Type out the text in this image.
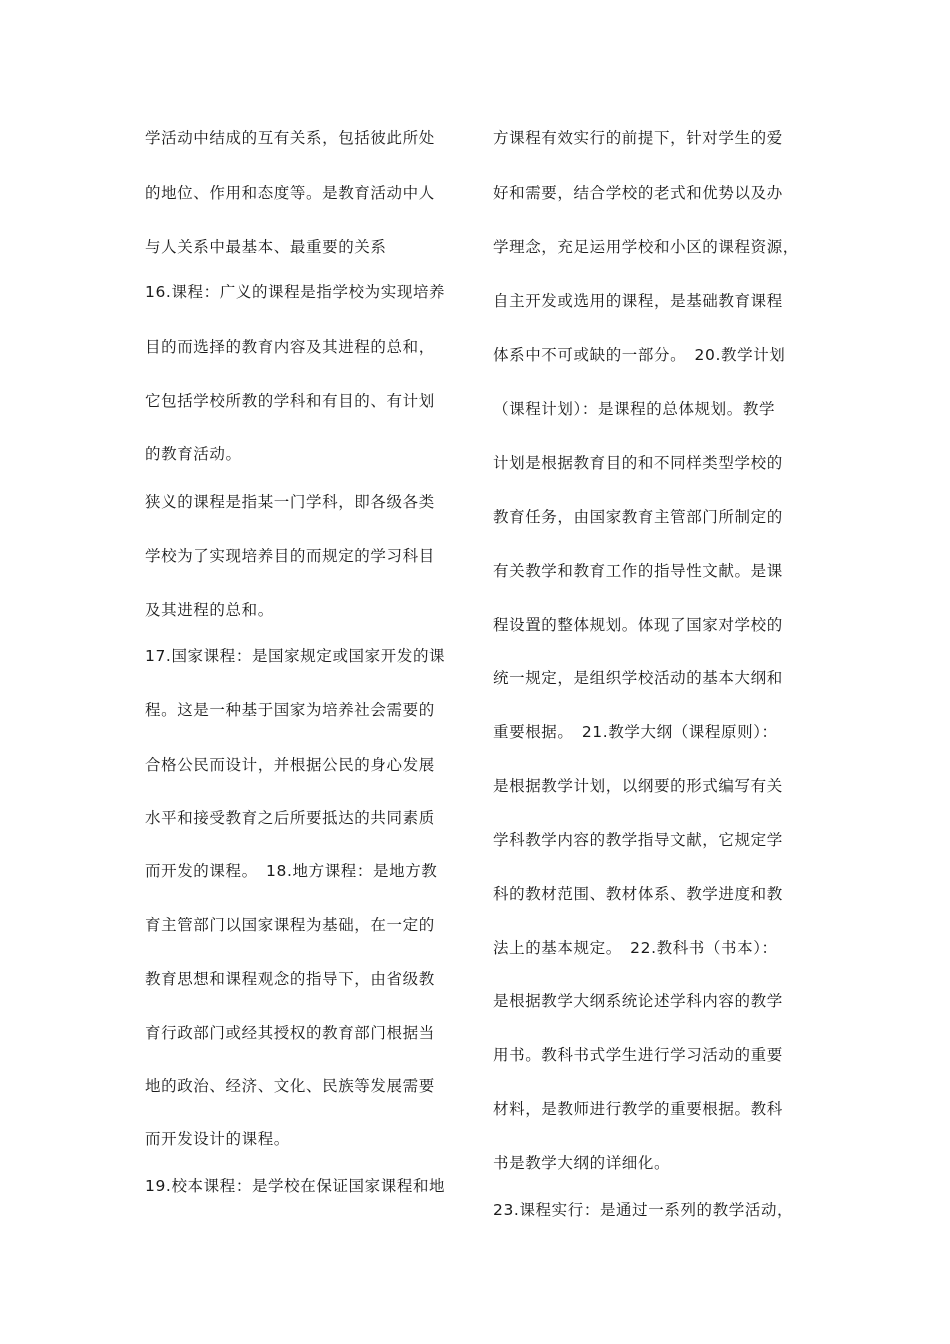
学活动中结成的互有关系，包括彼此所处
的地位、作用和态度等。是教育活动中人
与人关系中最基本、最重要的关系
16.课程：广义的课程是指学校为实现培养
目的而选择的教育内容及其进程的总和，
它包括学校所教的学科和有目的、有计划
的教育活动。
狭义的课程是指某一门学科，即各级各类
学校为了实现培养目的而规定的学习科目
及其进程的总和。
17.国家课程：是国家规定或国家开发的课
程。这是一种基于国家为培养社会需要的
合格公民而设计，并根据公民的身心发展
水平和接受教育之后所要抵达的共同素质
而开发的课程。　18.地方课程：是地方教
育主管部门以国家课程为基础，在一定的
教育思想和课程观念的指导下，由省级教
育行政部门或经其授权的教育部门根据当
地的政治、经济、文化、民族等发展需要
而开发设计的课程。
19.校本课程：是学校在保证国家课程和地
方课程有效实行的前提下，针对学生的爱
好和需要，结合学校的老式和优势以及办
学理念，充足运用学校和小区的课程资源，
自主开发或选用的课程，是基础教育课程
体系中不可或缺的一部分。　20.教学计划
（课程计划）：是课程的总体规划。教学
计划是根据教育目的和不同样类型学校的
教育任务，由国家教育主管部门所制定的
有关教学和教育工作的指导性文献。是课
程设置的整体规划。体现了国家对学校的
统一规定，是组织学校活动的基本大纲和
重要根据。　21.教学大纲（课程原则）：
是根据教学计划，以纲要的形式编写有关
学科教学内容的教学指导文献，它规定学
科的教材范围、教材体系、教学进度和教
法上的基本规定。　22.教科书（书本）：
是根据教学大纲系统论述学科内容的教学
用书。教科书式学生进行学习活动的重要
材料，是教师进行教学的重要根据。教科
书是教学大纲的详细化。
23.课程实行：是通过一系列的教学活动，
